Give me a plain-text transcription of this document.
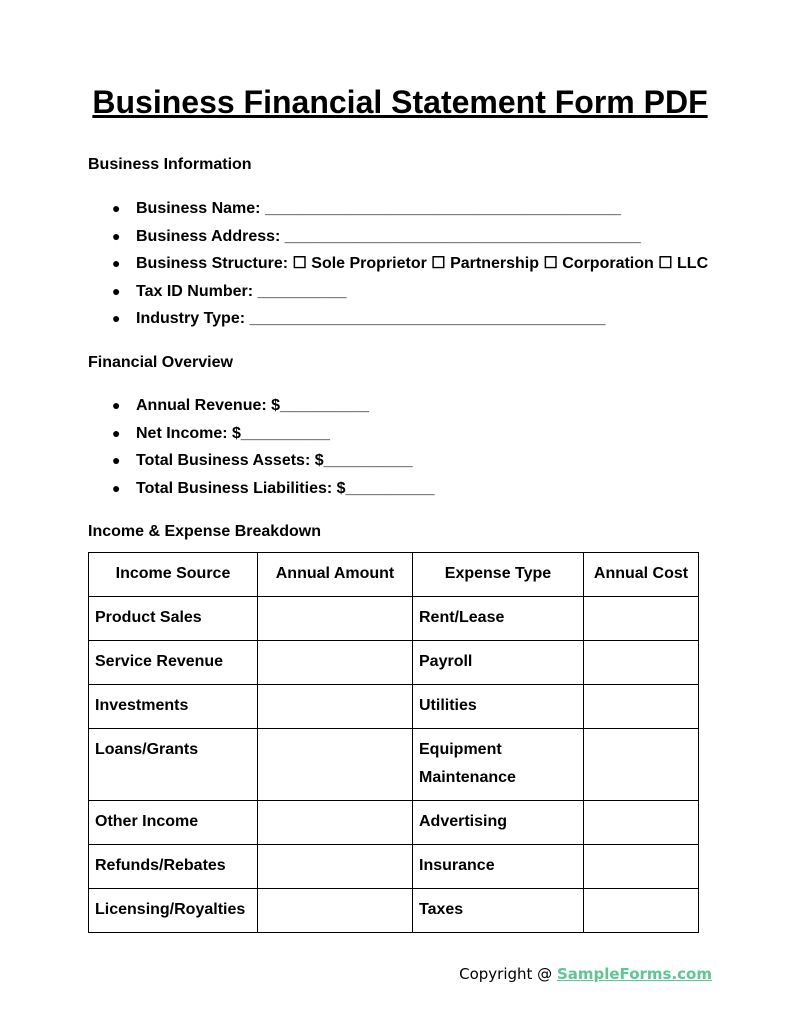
Business Financial Statement Form PDF
Business Information
● Business Name: ________________________________________
● Business Address: ________________________________________
● Business Structure: ☐ Sole Proprietor ☐ Partnership ☐ Corporation ☐ LLC
● Tax ID Number: __________
● Industry Type: ________________________________________
Financial Overview
● Annual Revenue: $__________
● Net Income: $__________
● Total Business Assets: $__________
● Total Business Liabilities: $__________
Income & Expense Breakdown
Income Source	Annual Amount	Expense Type	Annual Cost
Product Sales		Rent/Lease	
Service Revenue		Payroll	
Investments		Utilities	
Loans/Grants		Equipment Maintenance	
Other Income		Advertising	
Refunds/Rebates		Insurance	
Licensing/Royalties		Taxes	
Copyright @ SampleForms.com
